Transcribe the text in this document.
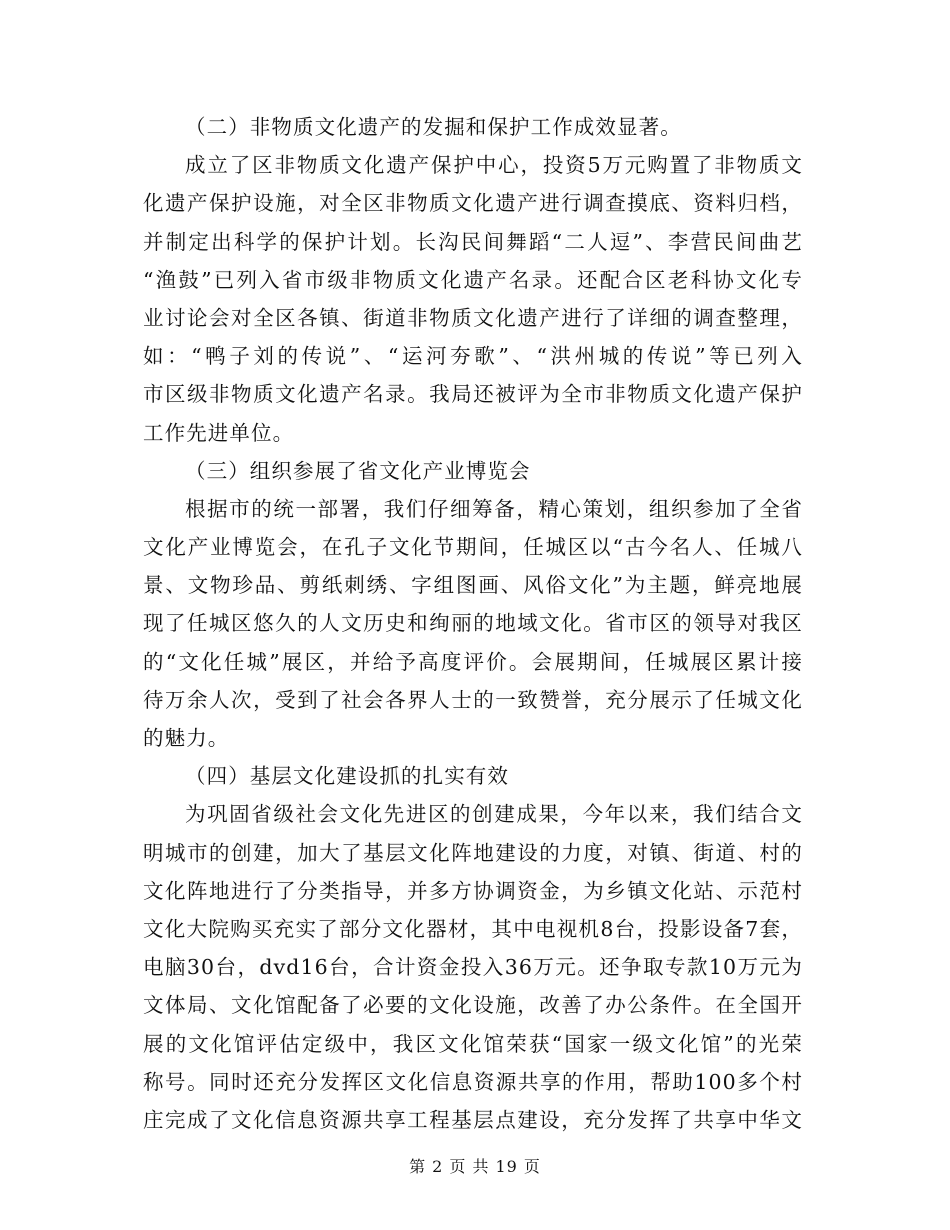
（二）非物质文化遗产的发掘和保护工作成效显著。
成立了区非物质文化遗产保护中心，投资5万元购置了非物质文
化遗产保护设施，对全区非物质文化遗产进行调查摸底、资料归档，
并制定出科学的保护计划。长沟民间舞蹈“二人逗”、李营民间曲艺
“渔鼓”已列入省市级非物质文化遗产名录。还配合区老科协文化专
业讨论会对全区各镇、街道非物质文化遗产进行了详细的调查整理，
如：“鸭子刘的传说”、“运河夯歌”、“洪州城的传说”等已列入
市区级非物质文化遗产名录。我局还被评为全市非物质文化遗产保护
工作先进单位。
（三）组织参展了省文化产业博览会
根据市的统一部署，我们仔细筹备，精心策划，组织参加了全省
文化产业博览会，在孔子文化节期间，任城区以“古今名人、任城八
景、文物珍品、剪纸刺绣、字组图画、风俗文化”为主题，鲜亮地展
现了任城区悠久的人文历史和绚丽的地域文化。省市区的领导对我区
的“文化任城”展区，并给予高度评价。会展期间，任城展区累计接
待万余人次，受到了社会各界人士的一致赞誉，充分展示了任城文化
的魅力。
（四）基层文化建设抓的扎实有效
为巩固省级社会文化先进区的创建成果，今年以来，我们结合文
明城市的创建，加大了基层文化阵地建设的力度，对镇、街道、村的
文化阵地进行了分类指导，并多方协调资金，为乡镇文化站、示范村
文化大院购买充实了部分文化器材，其中电视机8台，投影设备7套，
电脑30台，dvd16台，合计资金投入36万元。还争取专款10万元为
文体局、文化馆配备了必要的文化设施，改善了办公条件。在全国开
展的文化馆评估定级中，我区文化馆荣获“国家一级文化馆”的光荣
称号。同时还充分发挥区文化信息资源共享的作用，帮助100多个村
庄完成了文化信息资源共享工程基层点建设，充分发挥了共享中华文
第 2 页 共 19 页
